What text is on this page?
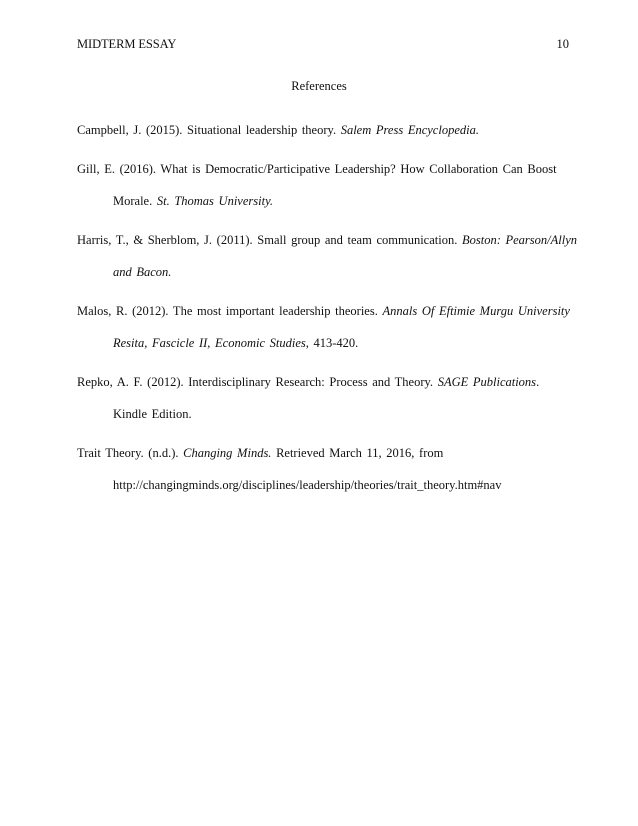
MIDTERM ESSAY	10
References
Campbell, J. (2015). Situational leadership theory. Salem Press Encyclopedia.
Gill, E. (2016). What is Democratic/Participative Leadership? How Collaboration Can Boost Morale. St. Thomas University.
Harris, T., & Sherblom, J. (2011). Small group and team communication. Boston: Pearson/Allyn and Bacon.
Malos, R. (2012). The most important leadership theories. Annals Of Eftimie Murgu University Resita, Fascicle II, Economic Studies, 413-420.
Repko, A. F. (2012). Interdisciplinary Research: Process and Theory. SAGE Publications. Kindle Edition.
Trait Theory. (n.d.). Changing Minds. Retrieved March 11, 2016, from http://changingminds.org/disciplines/leadership/theories/trait_theory.htm#nav
